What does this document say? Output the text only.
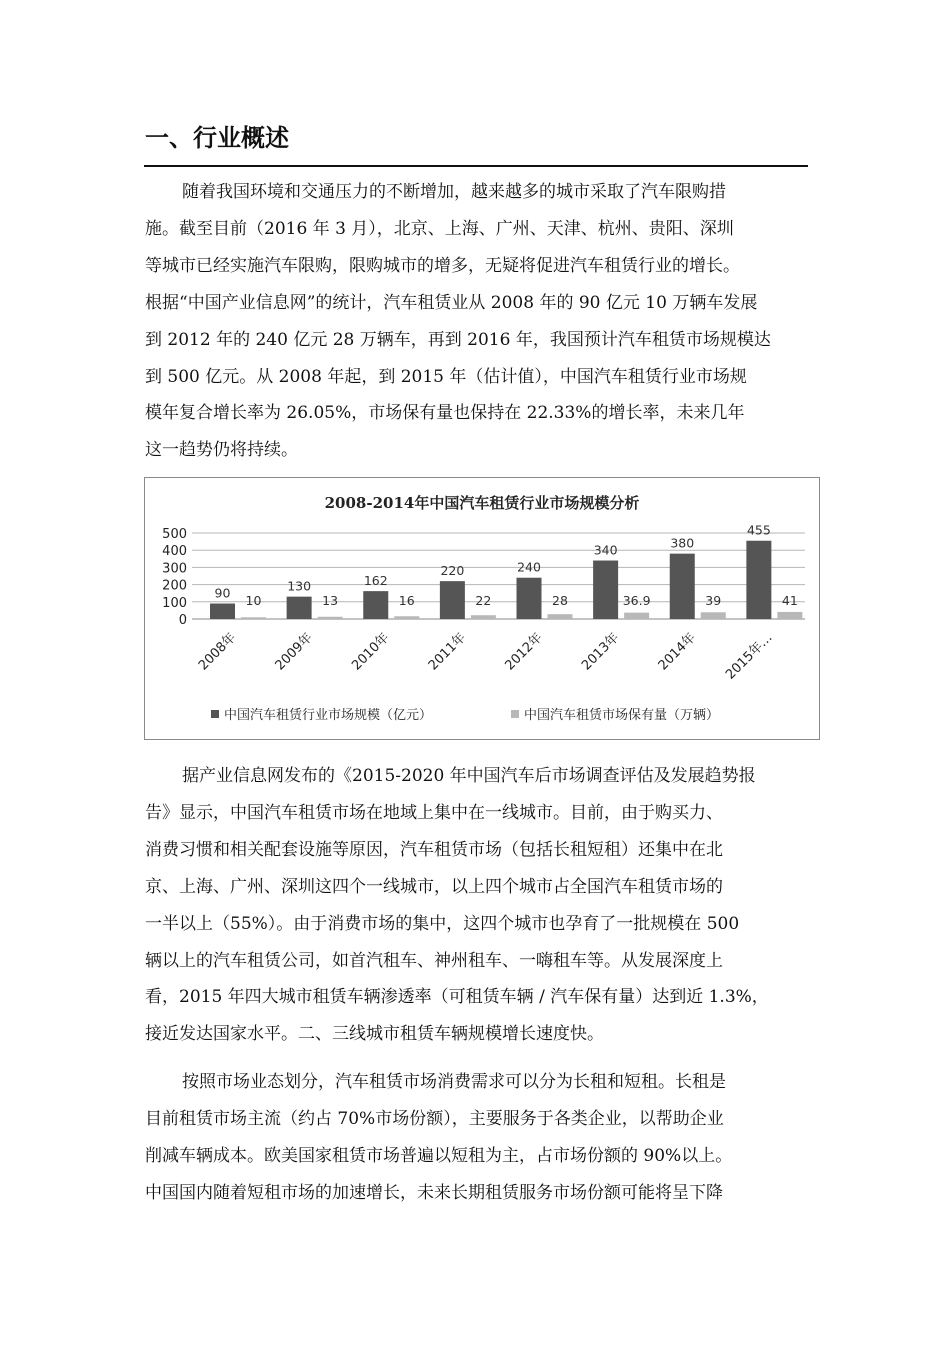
一、行业概述
随着我国环境和交通压力的不断增加，越来越多的城市采取了汽车限购措
施。截至目前（2016 年 3 月），北京、上海、广州、天津、杭州、贵阳、深圳
等城市已经实施汽车限购，限购城市的增多，无疑将促进汽车租赁行业的增长。
根据“中国产业信息网”的统计，汽车租赁业从 2008 年的 90 亿元 10 万辆车发展
到 2012 年的 240 亿元 28 万辆车，再到 2016 年，我国预计汽车租赁市场规模达
到 500 亿元。从 2008 年起，到 2015 年（估计值），中国汽车租赁行业市场规
模年复合增长率为 26.05%，市场保有量也保持在 22.33%的增长率，未来几年
这一趋势仍将持续。
据产业信息网发布的《2015-2020 年中国汽车后市场调查评估及发展趋势报
告》显示，中国汽车租赁市场在地域上集中在一线城市。目前，由于购买力、
消费习惯和相关配套设施等原因，汽车租赁市场（包括长租短租）还集中在北
京、上海、广州、深圳这四个一线城市，以上四个城市占全国汽车租赁市场的
一半以上（55%）。由于消费市场的集中，这四个城市也孕育了一批规模在 500
辆以上的汽车租赁公司，如首汽租车、神州租车、一嗨租车等。从发展深度上
看，2015 年四大城市租赁车辆渗透率（可租赁车辆 / 汽车保有量）达到近 1.3%，
接近发达国家水平。二、三线城市租赁车辆规模增长速度快。
按照市场业态划分，汽车租赁市场消费需求可以分为长租和短租。长租是
目前租赁市场主流（约占 70%市场份额），主要服务于各类企业，以帮助企业
削减车辆成本。欧美国家租赁市场普遍以短租为主，占市场份额的 90%以上。
中国国内随着短租市场的加速增长，未来长期租赁服务市场份额可能将呈下降
2008-2014年中国汽车租赁行业市场规模分析
0
100
200
300
400
500
90 10
2008年
130
13
2009年
162
16
2010年
220
22
2011年
240
28
2012年
340
36.9
2013年
380
39
2014年
455
41
2015年…
中国汽车租赁行业市场规模（亿元）	中国汽车租赁市场保有量（万辆）
